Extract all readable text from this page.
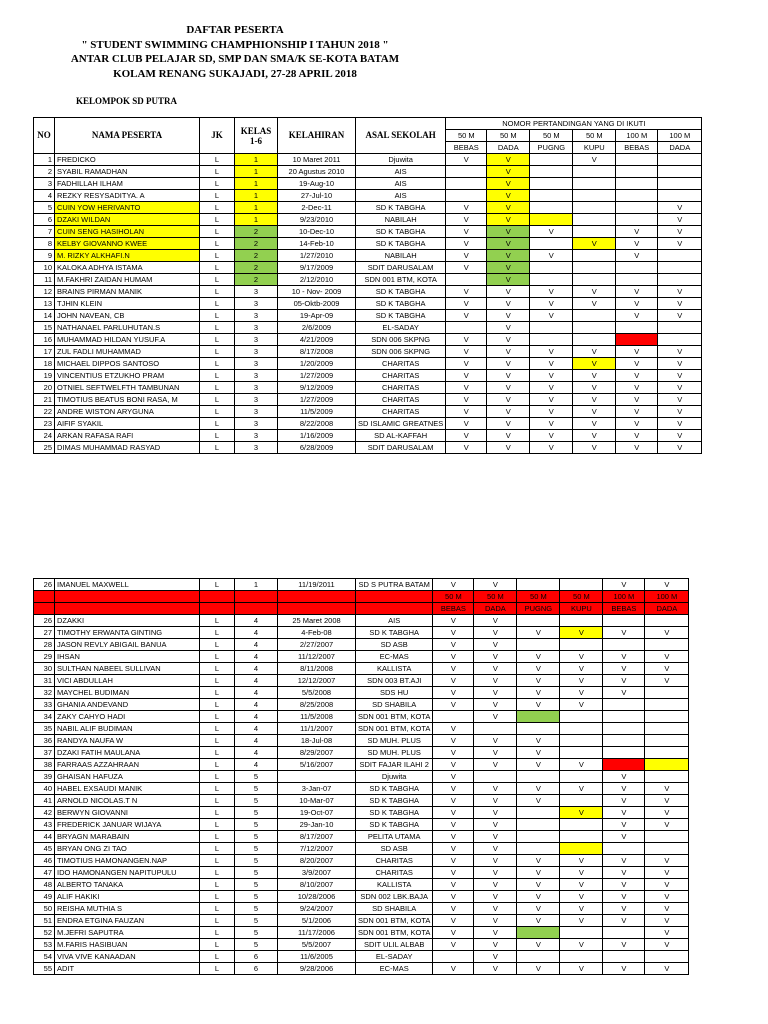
DAFTAR PESERTA
" STUDENT SWIMMING CHAMPHIONSHIP I TAHUN 2018 "
ANTAR CLUB PELAJAR SD, SMP DAN SMA/K SE-KOTA BATAM
KOLAM RENANG SUKAJADI, 27-28 APRIL 2018
KELOMPOK SD PUTRA
NO	NAMA PESERTA	JK	KELAS 1-6	KELAHIRAN	ASAL SEKOLAH	NOMOR PERTANDINGAN YANG DI IKUTI					
						50 M	50 M	50 M	50 M	100 M	100 M
						BEBAS	DADA	PUGNG	KUPU	BEBAS	DADA
1	FREDICKO	L	1	10 Maret 2011	Djuwita	V	V		V		
2	SYABIL RAMADHAN	L	1	20 Agustus 2010	AIS		V				
3	FADHILLAH ILHAM	L	1	19-Aug-10	AIS		V				
4	REZKY RESYSADITYA. A	L	1	27-Jul-10	AIS		V				
5	CUIN YOW HERIVANTO	L	1	2-Dec-11	SD K TABGHA	V	V				V
6	DZAKI WILDAN	L	1	9/23/2010	NABILAH	V	V				V
7	CUIN SENG HASIHOLAN	L	2	10-Dec-10	SD K TABGHA	V	V	V		V	V
8	KELBY GIOVANNO KWEE	L	2	14-Feb-10	SD K TABGHA	V	V		V	V	V
9	M. RIZKY ALKHAFI.N	L	2	1/27/2010	NABILAH	V	V	V		V	
10	KALOKA ADHYA ISTAMA	L	2	9/17/2009	SDIT DARUSALAM	V	V				
11	M.FAKHRI ZAIDAN HUMAM	L	2	2/12/2010	SDN 001 BTM, KOTA		V				
12	BRAINS PIRMAN MANIK	L	3	10 - Nov- 2009	SD K TABGHA	V	V	V	V	V	V
13	TJHIN KLEIN	L	3	05-Oktb-2009	SD K TABGHA	V	V	V	V	V	V
14	JOHN NAVEAN, CB	L	3	19-Apr-09	SD K TABGHA	V	V	V		V	V
15	NATHANAEL PARLUHUTAN.S	L	3	2/6/2009	EL-SADAY		V				
16	MUHAMMAD HILDAN YUSUF.A	L	3	4/21/2009	SDN 006 SKPNG	V	V				
17	ZUL FADLI MUHAMMAD	L	3	8/17/2008	SDN 006 SKPNG	V	V	V	V	V	V
18	MICHAEL DIPPOS SANTOSO	L	3	1/20/2009	CHARITAS	V	V	V	V	V	V
19	VINCENTIUS ETZUKHO PRAM	L	3	1/27/2009	CHARITAS	V	V	V	V	V	V
20	OTNIEL SEFTWELFTH TAMBUNAN	L	3	9/12/2009	CHARITAS	V	V	V	V	V	V
21	TIMOTIUS BEATUS BONI RASA, M	L	3	1/27/2009	CHARITAS	V	V	V	V	V	V
22	ANDRE WISTON ARYGUNA	L	3	11/5/2009	CHARITAS	V	V	V	V	V	V
23	AIFIF SYAKIL	L	3	8/22/2008	SD ISLAMIC GREATNES	V	V	V	V	V	V
24	ARKAN RAFASA RAFI	L	3	1/16/2009	SD AL-KAFFAH	V	V	V	V	V	V
25	DIMAS MUHAMMAD RASYAD	L	3	6/28/2009	SDIT DARUSALAM	V	V	V	V	V	V
26	IMANUEL MAXWELL	L	1	11/19/2011	SD S PUTRA BATAM	V	V			V	V
						50 M	50 M	50 M	50 M	100 M	100 M
						BEBAS	DADA	PUGNG	KUPU	BEBAS	DADA
26	DZAKKI	L	4	25 Maret 2008	AIS	V	V				
27	TIMOTHY ERWANTA GINTING	L	4	4-Feb-08	SD K TABGHA	V	V	V	V	V	V
28	JASON REVLY ABIGAIL BANUA	L	4	2/27/2007	SD ASB	V	V				
29	IHSAN	L	4	11/12/2007	EC-MAS	V	V	V	V	V	V
30	SULTHAN NABEEL SULLIVAN	L	4	8/11/2008	KALLISTA	V	V	V	V	V	V
31	VICI ABDULLAH	L	4	12/12/2007	SDN 003 BT.AJI	V	V	V	V	V	V
32	MAYCHEL BUDIMAN	L	4	5/5/2008	SDS HU	V	V	V	V	V	
33	GHANIA ANDEVAND	L	4	8/25/2008	SD SHABILA	V	V	V	V		
34	ZAKY CAHYO HADI	L	4	11/5/2008	SDN 001 BTM, KOTA		V				
35	NABIL ALIF BUDIMAN	L	4	11/1/2007	SDN 001 BTM, KOTA	V					
36	RANDYA NAUFA W	L	4	18-Jul-08	SD MUH. PLUS	V	V	V			
37	DZAKI FATIH MAULANA	L	4	8/29/2007	SD MUH. PLUS	V	V	V			
38	FARRAAS AZZAHRAAN	L	4	5/16/2007	SDIT FAJAR ILAHI 2	V	V	V	V		
39	GHAISAN HAFUZA	L	5		Djuwita	V				V	
40	HABEL EXSAUDI MANIK	L	5	3-Jan-07	SD K TABGHA	V	V	V	V	V	V
41	ARNOLD NICOLAS.T N	L	5	10-Mar-07	SD K TABGHA	V	V	V		V	V
42	BERWYN GIOVANNI	L	5	19-Oct-07	SD K TABGHA	V	V		V	V	V
43	FREDERICK JANUAR WIJAYA	L	5	29-Jan-10	SD K TABGHA	V	V			V	V
44	BRYAGN MARABAIN	L	5	8/17/2007	PELITA UTAMA	V	V			V	
45	BRYAN ONG ZI TAO	L	5	7/12/2007	SD ASB	V	V				
46	TIMOTIUS HAMONANGEN.NAP	L	5	8/20/2007	CHARITAS	V	V	V	V	V	V
47	IDO HAMONANGEN NAPITUPULU	L	5	3/9/2007	CHARITAS	V	V	V	V	V	V
48	ALBERTO TANAKA	L	5	8/10/2007	KALLISTA	V	V	V	V	V	V
49	ALIF HAKIKI	L	5	10/28/2006	SDN 002 LBK.BAJA	V	V	V	V	V	V
50	REISHA MUTHIA S	L	5	9/24/2007	SD SHABILA	V	V	V	V	V	V
51	ENDRA ETGINA FAUZAN	L	5	5/1/2006	SDN 001 BTM, KOTA	V	V	V	V	V	V
52	M.JEFRI SAPUTRA	L	5	11/17/2006	SDN 001 BTM, KOTA	V	V				V
53	M.FARIS HASIBUAN	L	5	5/5/2007	SDIT ULIL ALBAB	V	V	V	V	V	V
54	VIVA VIVE KANAADAN	L	6	11/6/2005	EL-SADAY		V				
55	ADIT	L	6	9/28/2006	EC-MAS	V	V	V	V	V	V
